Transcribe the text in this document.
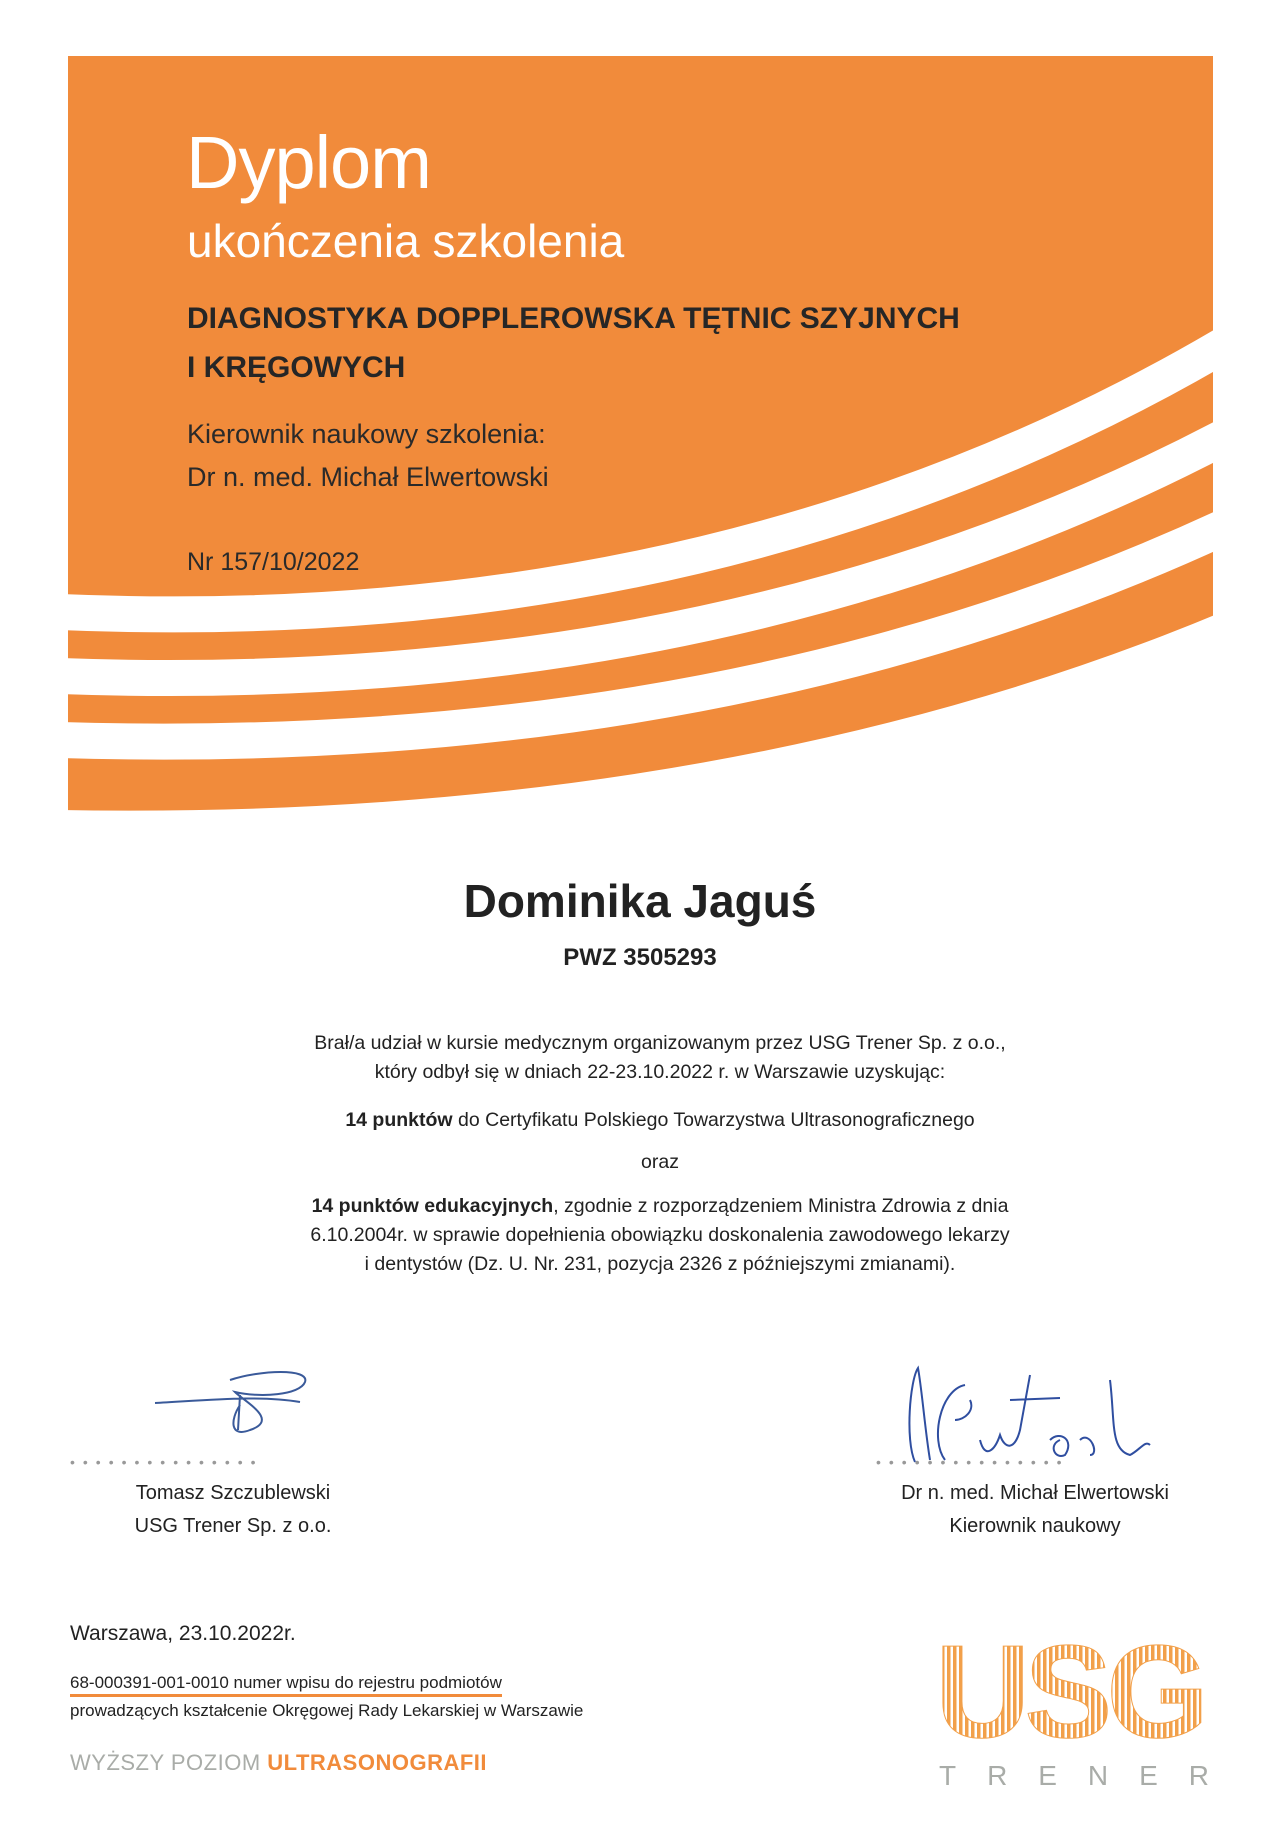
Dyplom
ukończenia szkolenia
DIAGNOSTYKA DOPPLEROWSKA TĘTNIC SZYJNYCH
I KRĘGOWYCH
Kierownik naukowy szkolenia:
Dr n. med. Michał Elwertowski
Nr 157/10/2022
Dominika Jaguś
PWZ 3505293
Brał/a udział w kursie medycznym organizowanym przez USG Trener Sp. z o.o.,
który odbył się w dniach 22-23.10.2022 r. w Warszawie uzyskując:
14 punktów do Certyfikatu Polskiego Towarzystwa Ultrasonograficznego
oraz
14 punktów edukacyjnych, zgodnie z rozporządzeniem Ministra Zdrowia z dnia
6.10.2004r. w sprawie dopełnienia obowiązku doskonalenia zawodowego lekarzy
i dentystów (Dz. U. Nr. 231, pozycja 2326 z późniejszymi zmianami).
•••••••••••••••
Tomasz Szczublewski
USG Trener Sp. z o.o.
•••••••••••••••
Dr n. med. Michał Elwertowski
Kierownik naukowy
Warszawa, 23.10.2022r.
68-000391-001-0010 numer wpisu do rejestru podmiotów
prowadzących kształcenie Okręgowej Rady Lekarskiej w Warszawie
WYŻSZY POZIOM ULTRASONOGRAFII	USG
TRENER
